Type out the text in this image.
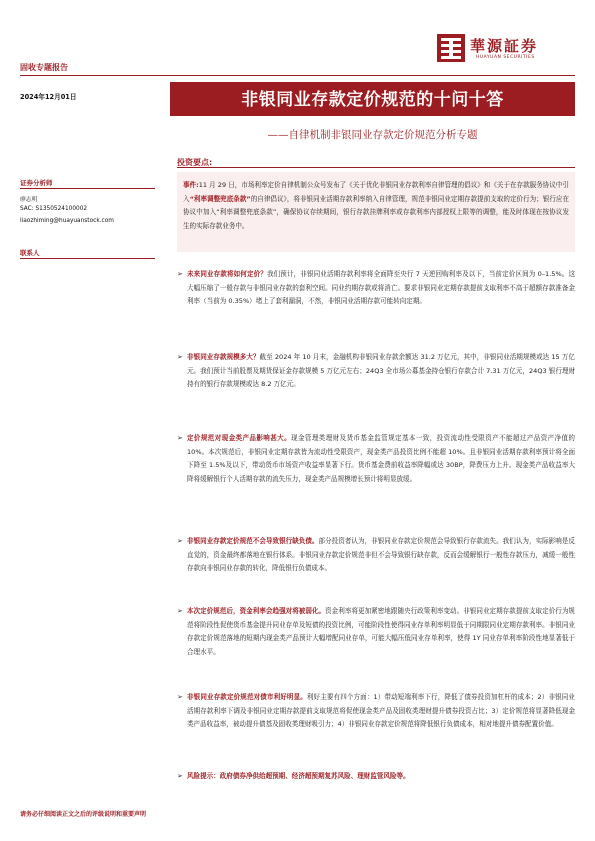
華源証券
HUAYUAN SECURITIES
固收专题报告
2024年12月01日	非银同业存款定价规范的十问十答
——自律机制非银同业存款定价规范分析专题
证券分析师
廖志明
SAC: S1350524100002
liaozhiming@huayuanstock.com
联系人
投资要点:
事件:11 月 29 日，市场利率定价自律机制公众号发布了《关于优化非银同业存款利率自律管理的倡议》和《关于在存款服务协议中引入“利率调整兜底条款”的自律倡议》，将非银同业活期存款利率纳入自律管理，规范非银同业定期存款提前支取的定价行为；银行应在协议中加入“利率调整兜底条款”，确保协议存续期间，银行存款挂牌利率或存款利率内部授权上限等的调整，能及时体现在按协议发生的实际存款业务中。
➢ 未来同业存款将如何定价？我们预计，非银同业活期存款利率将全面降至央行 7 天逆回购利率及以下，当前定价区间为 0–1.5%。这大幅压缩了一般存款与非银同业存款的套利空间。同业约期存款或将消亡。要求非银同业定期存款提前支取利率不高于超额存款准备金利率（当前为 0.35%）堵上了套利漏洞，不然，非银同业活期存款可能转向定期。
➢ 非银同业存款规模多大？截至 2024 年 10 月末，金融机构非银同业存款余额达 31.2 万亿元，其中，非银同业活期规模或达 15 万亿元。我们预计当前股票及期货保证金存款规模 5 万亿元左右；24Q3 全市场公募基金持仓银行存款合计 7.31 万亿元，24Q3 银行理财持有的银行存款规模或达 8.2 万亿元。
➢ 定价规范对现金类产品影响甚大。现金管理类理财及货币基金监管规定基本一致，投资流动性受限资产不能超过产品资产净值的 10%。本次规范后，非银同业定期存款皆为流动性受限资产，现金类产品投资比例不能超 10%。且非银同业活期存款利率预计将全面下降至 1.5%及以下，带动货币市场资产收益率显著下行。货币基金费前收益率降幅或达 30BP，降费压力上升。现金类产品收益率大降将缓解银行个人活期存款的流失压力，现金类产品规模增长预计将明显放缓。
➢ 非银同业存款定价规范不会导致银行缺负债。部分投资者认为，非银同业存款定价规范会导致银行存款流失。我们认为，实际影响是反直觉的，资金最终都落地在银行体系。非银同业存款定价规范非但不会导致银行缺存款，反而会缓解银行一般性存款压力，减缓一般性存款向非银同业存款的转化，降低银行负债成本。
➢ 本次定价规范后，资金利率会趋强对将被弱化。资金利率将更加紧密地跟随央行政策利率变动。非银同业定期存款提前支取定价行为规范将阶段性促使货币基金提升同业存单及短债的投资比例，可能阶段性使得同业存单利率明显低于同期限同业定期存款利率。非银同业存款定价规范落地的短期内现金类产品预计大幅增配同业存单，可能大幅压低同业存单利率，使得 1Y 同业存单利率阶段性地显著低于合理水平。
➢ 非银同业存款定价规范对债市利好明显。利好主要有四个方面：1）带动短端利率下行，降低了债券投资加杠杆的成本；2）非银同业活期存款利率下调及非银同业定期存款提前支取规范将促使现金类产品及固收类理财提升债券投资占比；3）定价规范将显著降低现金类产品收益率，被动提升债基及固收类理财吸引力；4）非银同业存款定价规范将降低银行负债成本，相对地提升债券配置价值。
➢ 风险提示：政府债券净供给超预期、经济超预期复苏风险、理财监管风险等。
请务必仔细阅读正文之后的评级说明和重要声明
